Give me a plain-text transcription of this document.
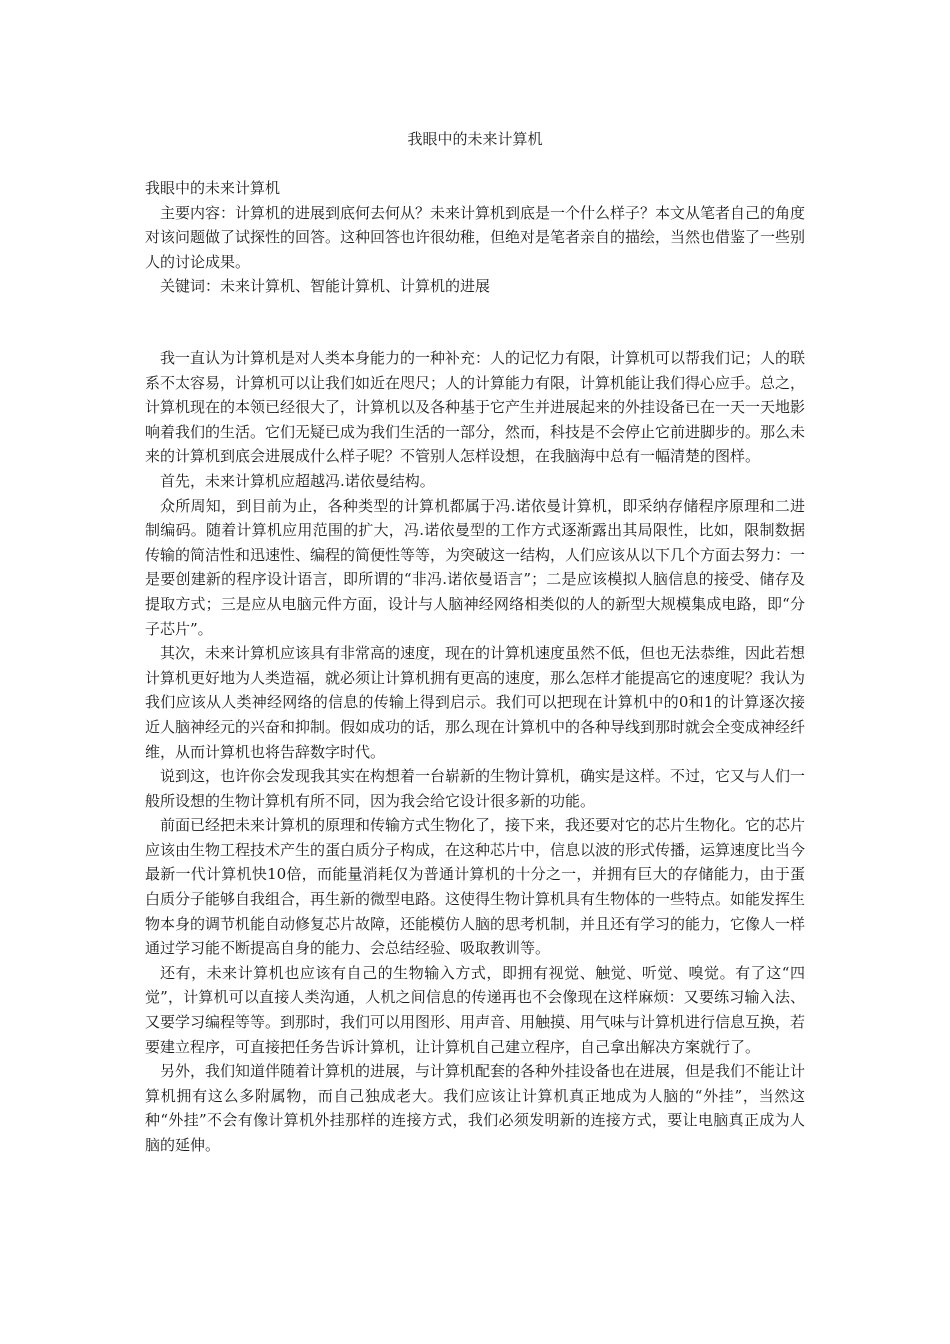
我眼中的未来计算机

我眼中的未来计算机

主要内容：计算机的进展到底何去何从？未来计算机到底是一个什么样子？本文从笔者自己的角度对该问题做了试探性的回答。这种回答也许很幼稚，但绝对是笔者亲自的描绘，当然也借鉴了一些别人的讨论成果。

关键词：未来计算机、智能计算机、计算机的进展

我一直认为计算机是对人类本身能力的一种补充：人的记忆力有限，计算机可以帮我们记；人的联系不太容易，计算机可以让我们如近在咫尺；人的计算能力有限，计算机能让我们得心应手。总之，计算机现在的本领已经很大了，计算机以及各种基于它产生并进展起来的外挂设备已在一天一天地影响着我们的生活。它们无疑已成为我们生活的一部分，然而，科技是不会停止它前进脚步的。那么未来的计算机到底会进展成什么样子呢？不管别人怎样设想，在我脑海中总有一幅清楚的图样。

首先，未来计算机应超越冯.诺依曼结构。

众所周知，到目前为止，各种类型的计算机都属于冯.诺依曼计算机，即采纳存储程序原理和二进制编码。随着计算机应用范围的扩大，冯.诺依曼型的工作方式逐渐露出其局限性，比如，限制数据传输的简洁性和迅速性、编程的简便性等等，为突破这一结构，人们应该从以下几个方面去努力：一是要创建新的程序设计语言，即所谓的“非冯.诺依曼语言”；二是应该模拟人脑信息的接受、储存及提取方式；三是应从电脑元件方面，设计与人脑神经网络相类似的人的新型大规模集成电路，即“分子芯片”。

其次，未来计算机应该具有非常高的速度，现在的计算机速度虽然不低，但也无法恭维，因此若想计算机更好地为人类造福，就必须让计算机拥有更高的速度，那么怎样才能提高它的速度呢？我认为我们应该从人类神经网络的信息的传输上得到启示。我们可以把现在计算机中的0和1的计算逐次接近人脑神经元的兴奋和抑制。假如成功的话，那么现在计算机中的各种导线到那时就会全变成神经纤维，从而计算机也将告辞数字时代。

说到这，也许你会发现我其实在构想着一台崭新的生物计算机，确实是这样。不过，它又与人们一般所设想的生物计算机有所不同，因为我会给它设计很多新的功能。

前面已经把未来计算机的原理和传输方式生物化了，接下来，我还要对它的芯片生物化。它的芯片应该由生物工程技术产生的蛋白质分子构成，在这种芯片中，信息以波的形式传播，运算速度比当今最新一代计算机快10倍，而能量消耗仅为普通计算机的十分之一，并拥有巨大的存储能力，由于蛋白质分子能够自我组合，再生新的微型电路。这使得生物计算机具有生物体的一些特点。如能发挥生物本身的调节机能自动修复芯片故障，还能模仿人脑的思考机制，并且还有学习的能力，它像人一样通过学习能不断提高自身的能力、会总结经验、吸取教训等。

还有，未来计算机也应该有自己的生物输入方式，即拥有视觉、触觉、听觉、嗅觉。有了这“四觉”，计算机可以直接人类沟通，人机之间信息的传递再也不会像现在这样麻烦：又要练习输入法、又要学习编程等等。到那时，我们可以用图形、用声音、用触摸、用气味与计算机进行信息互换，若要建立程序，可直接把任务告诉计算机，让计算机自己建立程序，自己拿出解决方案就行了。

另外，我们知道伴随着计算机的进展，与计算机配套的各种外挂设备也在进展，但是我们不能让计算机拥有这么多附属物，而自己独成老大。我们应该让计算机真正地成为人脑的“外挂”，当然这种“外挂”不会有像计算机外挂那样的连接方式，我们必须发明新的连接方式，要让电脑真正成为人脑的延伸。
